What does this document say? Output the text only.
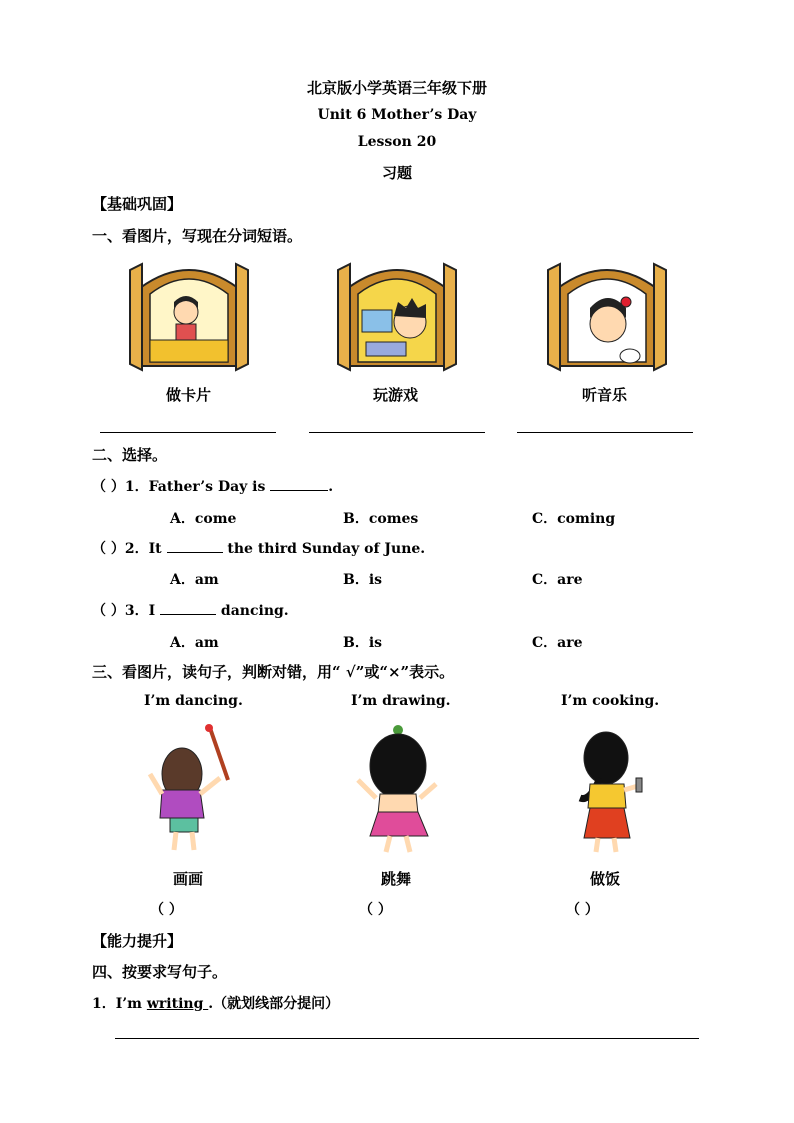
北京版小学英语三年级下册
Unit 6 Mother’s Day
Lesson 20
习题
【基础巩固】
一、看图片，写现在分词短语。
做卡片	玩游戏	听音乐
二、选择。
（ ）1．Father’s Day is	.
A．come	B．comes	C．coming
（ ）2．It	the third Sunday of June.
A．am	B．is	C．are
（ ）3．I	dancing.
A．am	B．is	C．are
三、看图片，读句子，判断对错，用“ √”或“×”表示。
I’m dancing.	I’m drawing.	I’m cooking.
画画	跳舞	做饭
（ ）	（ ）	（ ）
【能力提升】
四、按要求写句子。
1．I’m writing .（就划线部分提问）
